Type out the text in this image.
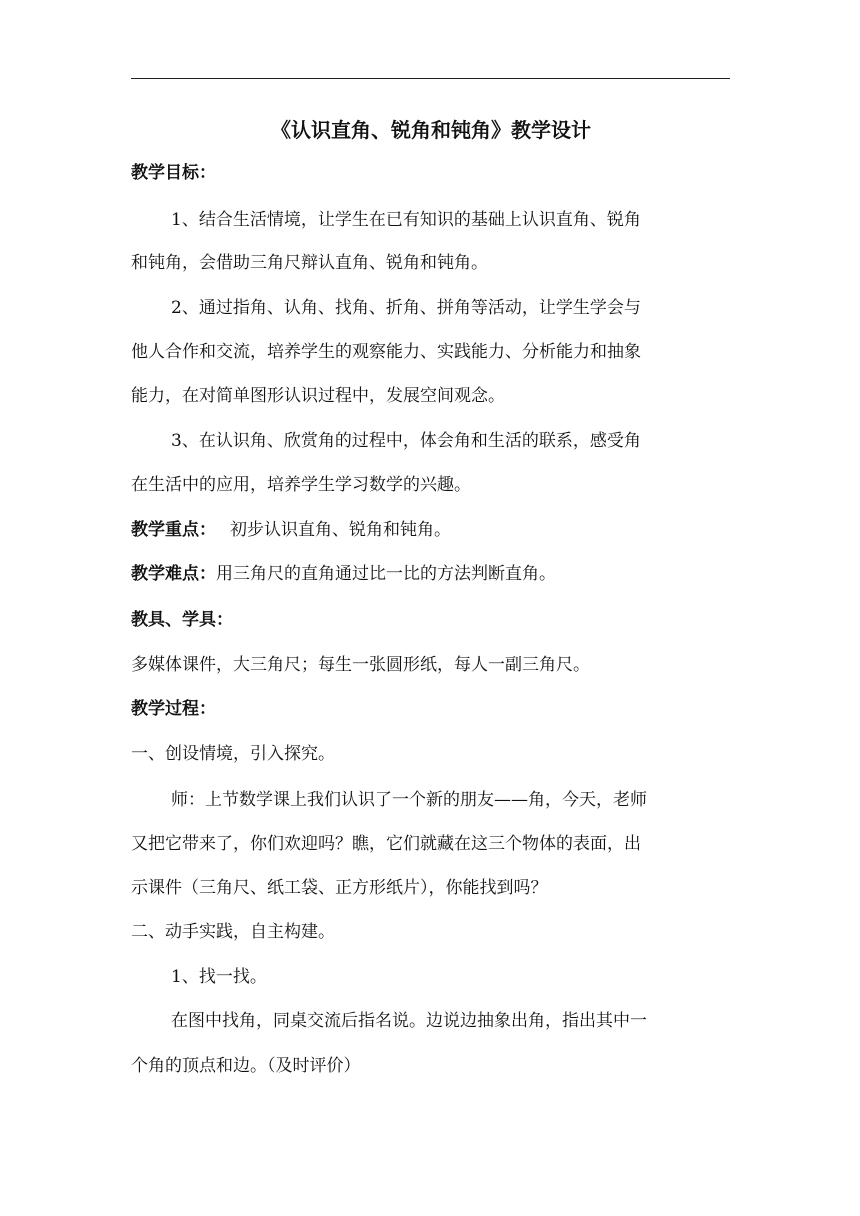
《认识直角、锐角和钝角》教学设计
教学目标：
1、结合生活情境，让学生在已有知识的基础上认识直角、锐角
和钝角，会借助三角尺辩认直角、锐角和钝角。
2、通过指角、认角、找角、折角、拼角等活动，让学生学会与
他人合作和交流，培养学生的观察能力、实践能力、分析能力和抽象
能力，在对简单图形认识过程中，发展空间观念。
3、在认识角、欣赏角的过程中，体会角和生活的联系，感受角
在生活中的应用，培养学生学习数学的兴趣。
教学重点： 初步认识直角、锐角和钝角。
教学难点：用三角尺的直角通过比一比的方法判断直角。
教具、学具：
多媒体课件，大三角尺；每生一张圆形纸，每人一副三角尺。
教学过程：
一、创设情境，引入探究。
师：上节数学课上我们认识了一个新的朋友——角，今天，老师
又把它带来了，你们欢迎吗？瞧，它们就藏在这三个物体的表面，出
示课件（三角尺、纸工袋、正方形纸片），你能找到吗？
二、动手实践，自主构建。
1、找一找。
在图中找角，同桌交流后指名说。边说边抽象出角，指出其中一
个角的顶点和边。（及时评价）
